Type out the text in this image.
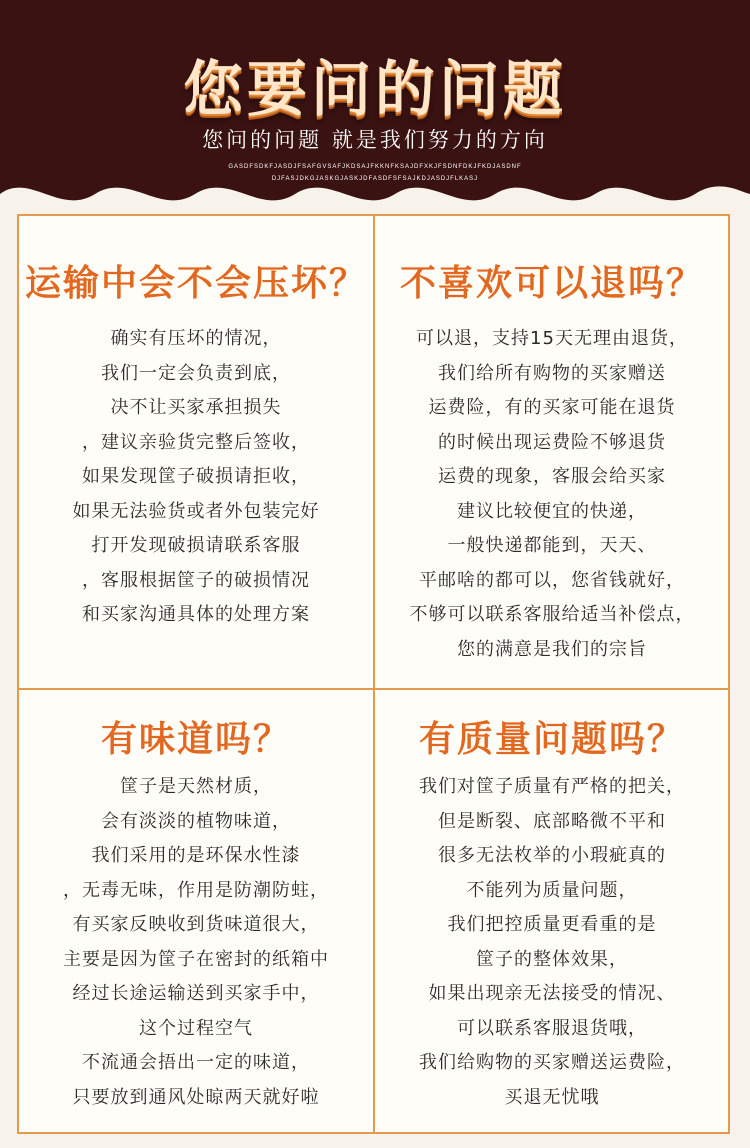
您要问的问题
您问的问题 就是我们努力的方向
GASDFSDKFJASDJFSAFGVSAFJKDSAJFKKNFKSAJDFXKJFSDNFDKJFKDJASDNF
DJFASJDKGJASKGJASKJDFASDFSFSAJKDJASDJFLKASJ
运输中会不会压坏？
确实有压坏的情况，
我们一定会负责到底，
决不让买家承担损失
，建议亲验货完整后签收，
如果发现筐子破损请拒收，
如果无法验货或者外包装完好
打开发现破损请联系客服
，客服根据筐子的破损情况
和买家沟通具体的处理方案
不喜欢可以退吗？
可以退，支持15天无理由退货，
我们给所有购物的买家赠送
运费险，有的买家可能在退货
的时候出现运费险不够退货
运费的现象，客服会给买家
建议比较便宜的快递，
一般快递都能到，天天、
平邮啥的都可以，您省钱就好，
不够可以联系客服给适当补偿点，
您的满意是我们的宗旨
有味道吗？
筐子是天然材质，
会有淡淡的植物味道，
我们采用的是环保水性漆
，无毒无味，作用是防潮防蛀，
有买家反映收到货味道很大，
主要是因为筐子在密封的纸箱中
经过长途运输送到买家手中，
这个过程空气
不流通会捂出一定的味道，
只要放到通风处晾两天就好啦
有质量问题吗？
我们对筐子质量有严格的把关，
但是断裂、底部略微不平和
很多无法枚举的小瑕疵真的
不能列为质量问题，
我们把控质量更看重的是
筐子的整体效果，
如果出现亲无法接受的情况、
可以联系客服退货哦，
我们给购物的买家赠送运费险，
买退无忧哦
